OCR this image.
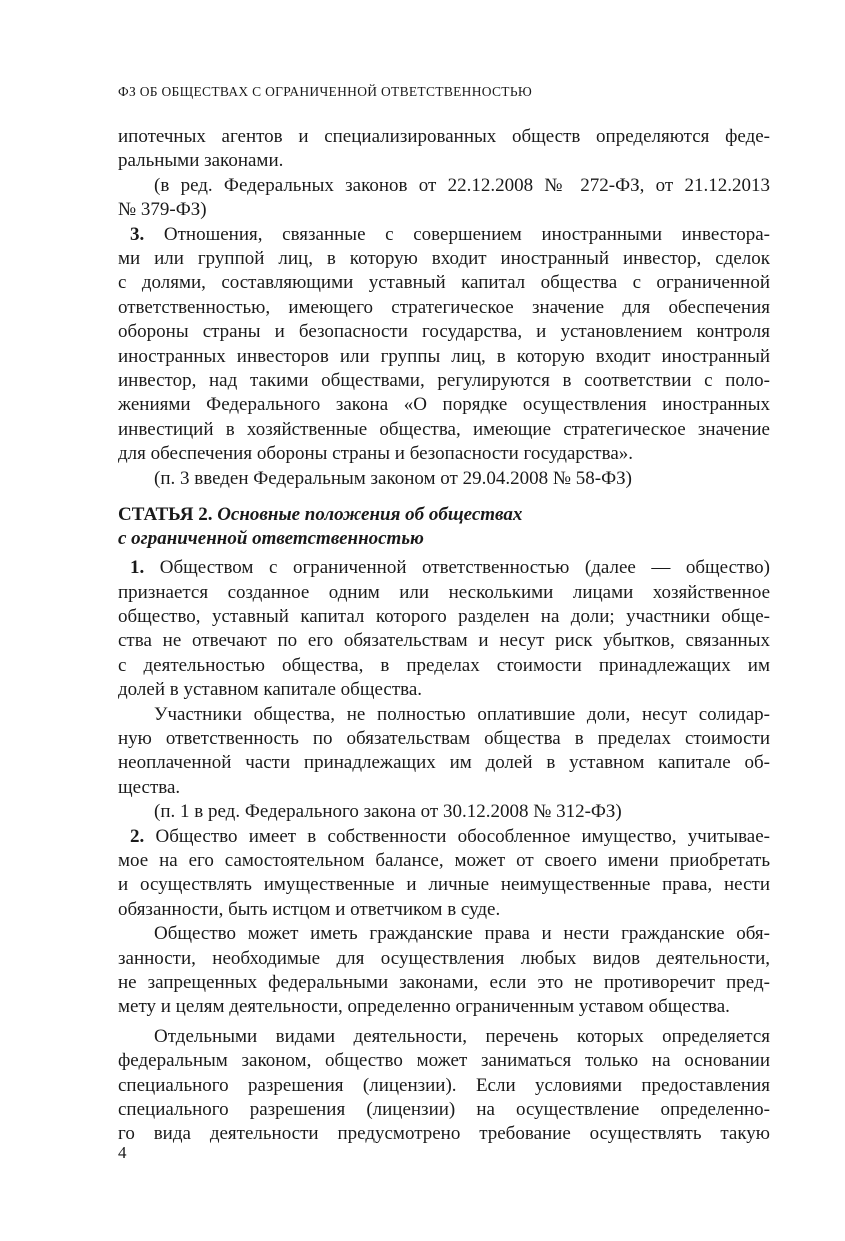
ФЗ ОБ ОБЩЕСТВАХ С ОГРАНИЧЕННОЙ ОТВЕТСТВЕННОСТЬЮ
ипотечных агентов и специализированных обществ определяются феде-
ральными законами.
(в ред. Федеральных законов от 22.12.2008 № 272-ФЗ, от 21.12.2013
№ 379-ФЗ)
3. Отношения, связанные с совершением иностранными инвестора-
ми или группой лиц, в которую входит иностранный инвестор, сделок
с долями, составляющими уставный капитал общества с ограниченной
ответственностью, имеющего стратегическое значение для обеспечения
обороны страны и безопасности государства, и установлением контроля
иностранных инвесторов или группы лиц, в которую входит иностранный
инвестор, над такими обществами, регулируются в соответствии с поло-
жениями Федерального закона «О порядке осуществления иностранных
инвестиций в хозяйственные общества, имеющие стратегическое значение
для обеспечения обороны страны и безопасности государства».
(п. 3 введен Федеральным законом от 29.04.2008 № 58-ФЗ)
СТАТЬЯ 2. Основные положения об обществах
с ограниченной ответственностью
1. Обществом с ограниченной ответственностью (далее — общество)
признается созданное одним или несколькими лицами хозяйственное
общество, уставный капитал которого разделен на доли; участники обще-
ства не отвечают по его обязательствам и несут риск убытков, связанных
с деятельностью общества, в пределах стоимости принадлежащих им
долей в уставном капитале общества.
Участники общества, не полностью оплатившие доли, несут солидар-
ную ответственность по обязательствам общества в пределах стоимости
неоплаченной части принадлежащих им долей в уставном капитале об-
щества.
(п. 1 в ред. Федерального закона от 30.12.2008 № 312-ФЗ)
2. Общество имеет в собственности обособленное имущество, учитывае-
мое на его самостоятельном балансе, может от своего имени приобретать
и осуществлять имущественные и личные неимущественные права, нести
обязанности, быть истцом и ответчиком в суде.
Общество может иметь гражданские права и нести гражданские обя-
занности, необходимые для осуществления любых видов деятельности,
не запрещенных федеральными законами, если это не противоречит пред-
мету и целям деятельности, определенно ограниченным уставом общества.
Отдельными видами деятельности, перечень которых определяется
федеральным законом, общество может заниматься только на основании
специального разрешения (лицензии). Если условиями предоставления
специального разрешения (лицензии) на осуществление определенно-
го вида деятельности предусмотрено требование осуществлять такую
4
